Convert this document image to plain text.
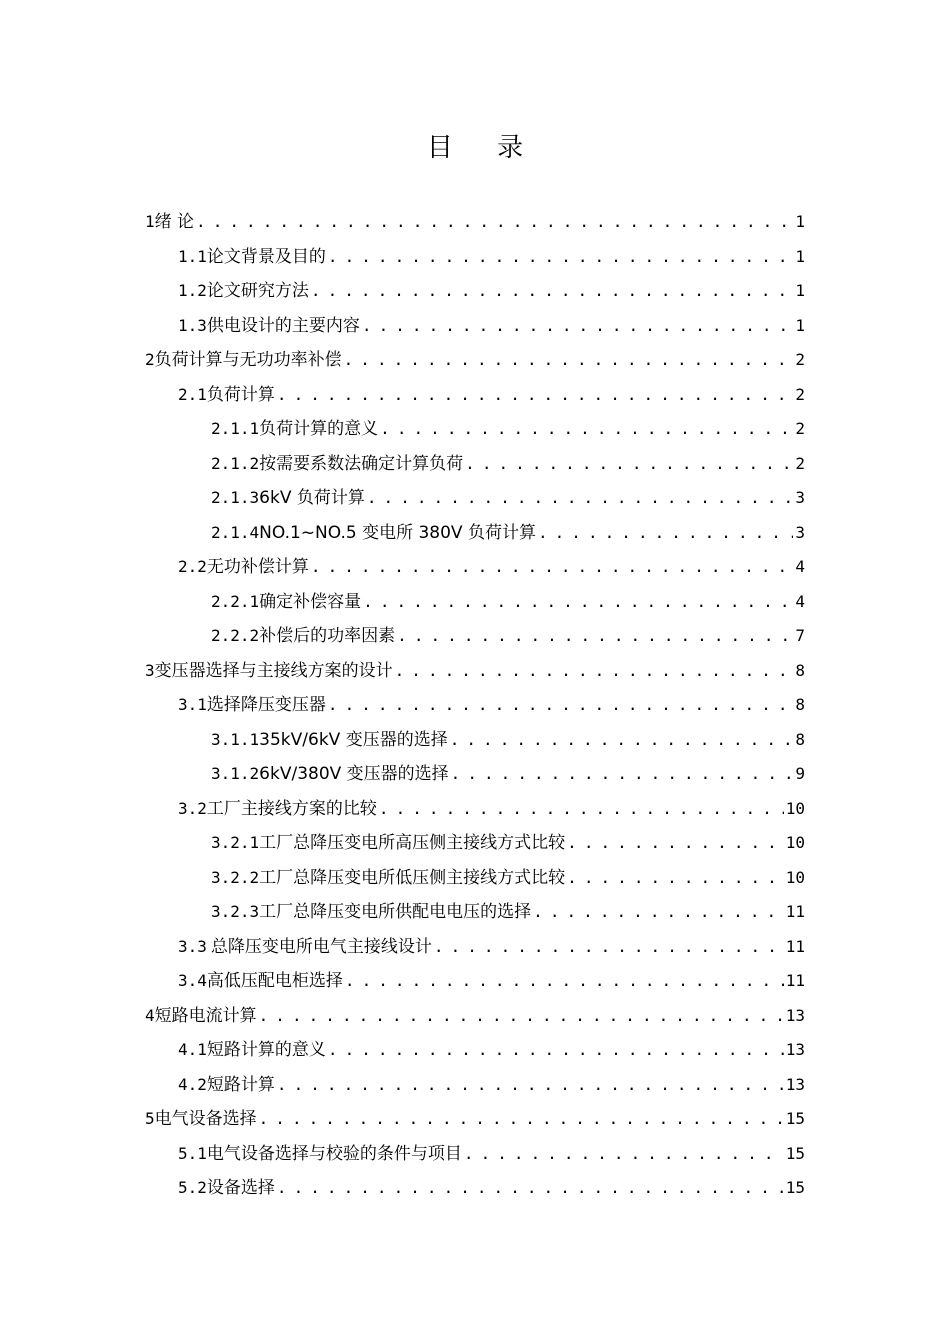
目 录
1 绪 论 . . .	1
1.1 论文背景及目的 . . .	1
1.2 论文研究方法 . . .	1
1.3 供电设计的主要内容 . . .	1
2 负荷计算与无功功率补偿 . . .	2
2.1 负荷计算 . . .	2
2.1.1 负荷计算的意义 . . .	2
2.1.2 按需要系数法确定计算负荷 . . .	2
2.1.3 6kV 负荷计算 . . .	3
2.1.4 NO.1~NO.5 变电所 380V 负荷计算 . . .	3
2.2 无功补偿计算 . . .	4
2.2.1 确定补偿容量 . . .	4
2.2.2 补偿后的功率因素 . . .	7
3 变压器选择与主接线方案的设计 . . .	8
3.1 选择降压变压器 . . .	8
3.1.1 35kV/6kV 变压器的选择 . . .	8
3.1.2 6kV/380V 变压器的选择 . . .	9
3.2 工厂主接线方案的比较 . . .	10
3.2.1 工厂总降压变电所高压侧主接线方式比较 . . .	10
3.2.2 工厂总降压变电所低压侧主接线方式比较 . . .	10
3.2.3 工厂总降压变电所供配电电压的选择 . . .	11
3.3 总降压变电所电气主接线设计 . . .	11
3.4 高低压配电柜选择 . . .	11
4 短路电流计算 . . .	13
4.1 短路计算的意义 . . .	13
4.2 短路计算 . . .	13
5 电气设备选择 . . .	15
5.1 电气设备选择与校验的条件与项目 . . .	15
5.2 设备选择 . . .	15
